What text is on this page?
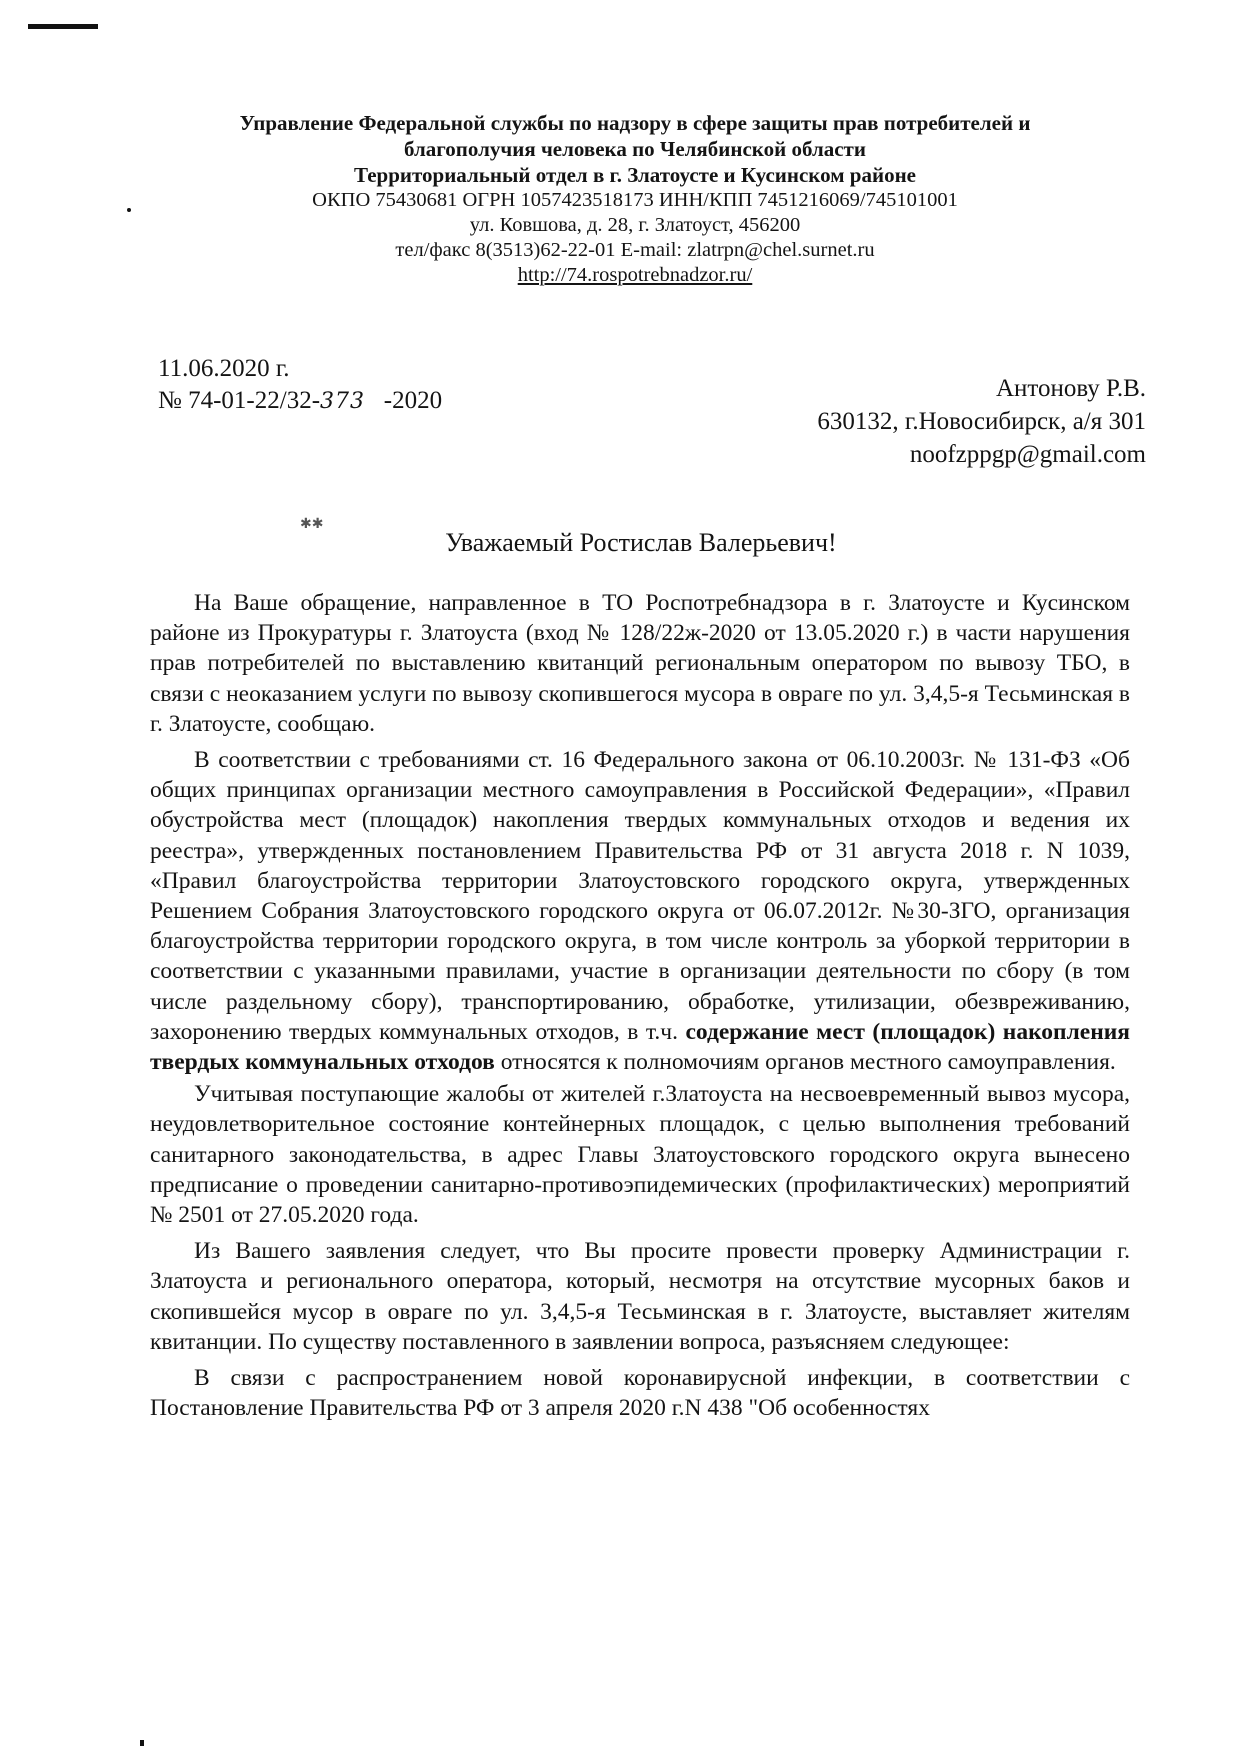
✱✱
Управление Федеральной службы по надзору в сфере защиты прав потребителей и
благополучия человека по Челябинской области
Территориальный отдел в г. Златоусте и Кусинском районе
ОКПО 75430681 ОГРН 1057423518173 ИНН/КПП 7451216069/745101001
ул. Ковшова, д. 28, г. Златоуст, 456200
тел/факс 8(3513)62-22-01 E-mail: zlatrpn@chel.surnet.ru
http://74.rospotrebnadzor.ru/
11.06.2020 г.
№ 74-01-22/32-373   -2020	Антонову Р.В.
630132, г.Новосибирск, а/я 301
noofzppgp@gmail.com
Уважаемый Ростислав Валерьевич!

На Ваше обращение, направленное в ТО Роспотребнадзора в г. Златоусте и Кусинском районе из Прокуратуры г. Златоуста (вход № 128/22ж-2020 от 13.05.2020 г.) в части нарушения прав потребителей по выставлению квитанций региональным оператором по вывозу ТБО, в связи с неоказанием услуги по вывозу скопившегося мусора в овраге по ул. 3,4,5-я Тесьминская в г. Златоусте, сообщаю.

В соответствии с требованиями ст. 16 Федерального закона от 06.10.2003г. № 131-ФЗ «Об общих принципах организации местного самоуправления в Российской Федерации», «Правил обустройства мест (площадок) накопления твердых коммунальных отходов и ведения их реестра», утвержденных постановлением Правительства РФ от 31 августа 2018 г. N 1039, «Правил благоустройства территории Златоустовского городского округа, утвержденных Решением Собрания Златоустовского городского округа от 06.07.2012г. №30-ЗГО, организация благоустройства территории городского округа, в том числе контроль за уборкой территории в соответствии с указанными правилами, участие в организации деятельности по сбору (в том числе раздельному сбору), транспортированию, обработке, утилизации, обезвреживанию, захоронению твердых коммунальных отходов, в т.ч. содержание мест (площадок) накопления твердых коммунальных отходов относятся к полномочиям органов местного самоуправления.

Учитывая поступающие жалобы от жителей г.Златоуста на несвоевременный вывоз мусора, неудовлетворительное состояние контейнерных площадок, с целью выполнения требований санитарного законодательства, в адрес Главы Златоустовского городского округа вынесено предписание о проведении санитарно-противоэпидемических (профилактических) мероприятий № 2501 от 27.05.2020 года.

Из Вашего заявления следует, что Вы просите провести проверку Администрации г. Златоуста и регионального оператора, который, несмотря на отсутствие мусорных баков и скопившейся мусор в овраге по ул. 3,4,5-я Тесьминская в г. Златоусте, выставляет жителям квитанции. По существу поставленного в заявлении вопроса, разъясняем следующее:

В связи с распространением новой коронавирусной инфекции, в соответствии с Постановление Правительства РФ от 3 апреля 2020 г.N 438 "Об особенностях
